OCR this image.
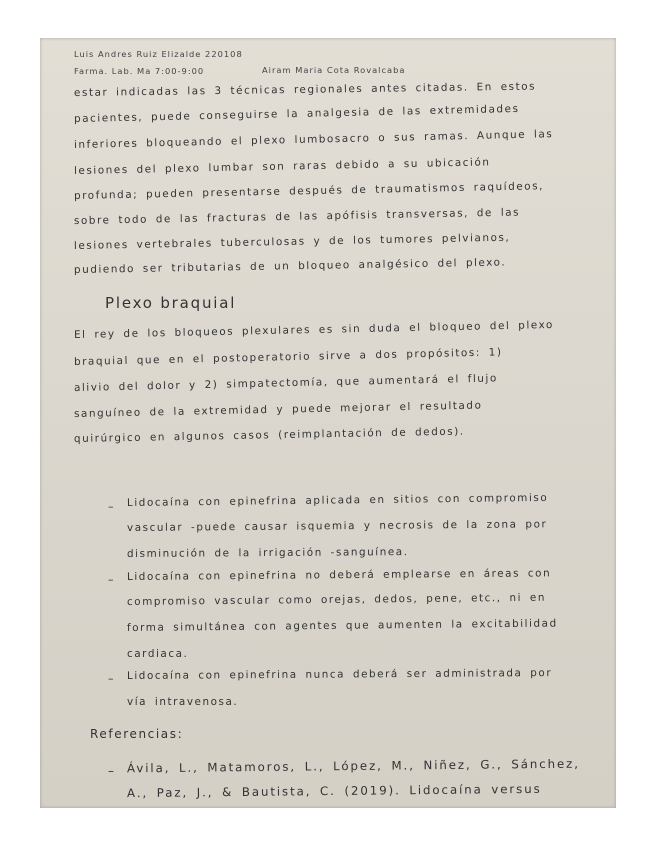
Luis Andres Ruiz Elizalde 220108
Farma. Lab. Ma 7:00-9:00	Airam Maria Cota Rovalcaba
estar indicadas las 3 técnicas regionales antes citadas. En estos
pacientes, puede conseguirse la analgesia de las extremidades
inferiores bloqueando el plexo lumbosacro o sus ramas. Aunque las
lesiones del plexo lumbar son raras debido a su ubicación
profunda; pueden presentarse después de traumatismos raquídeos,
sobre todo de las fracturas de las apófisis transversas, de las
lesiones vertebrales tuberculosas y de los tumores pelvianos,
pudiendo ser tributarias de un bloqueo analgésico del plexo.
Plexo braquial
El rey de los bloqueos plexulares es sin duda el bloqueo del plexo
braquial que en el postoperatorio sirve a dos propósitos: 1)
alivio del dolor y 2) simpatectomía, que aumentará el flujo
sanguíneo de la extremidad y puede mejorar el resultado
quirúrgico en algunos casos (reimplantación de dedos).
– Lidocaína con epinefrina aplicada en sitios con compromiso
vascular -puede causar isquemia y necrosis de la zona por
disminución de la irrigación -sanguínea.
– Lidocaína con epinefrina no deberá emplearse en áreas con
compromiso vascular como orejas, dedos, pene, etc., ni en
forma simultánea con agentes que aumenten la excitabilidad
cardiaca.
– Lidocaína con epinefrina nunca deberá ser administrada por
vía intravenosa.
Referencias:
– Ávila, L., Matamoros, L., López, M., Niñez, G., Sánchez,
A., Paz, J., & Bautista, C. (2019). Lidocaína versus
